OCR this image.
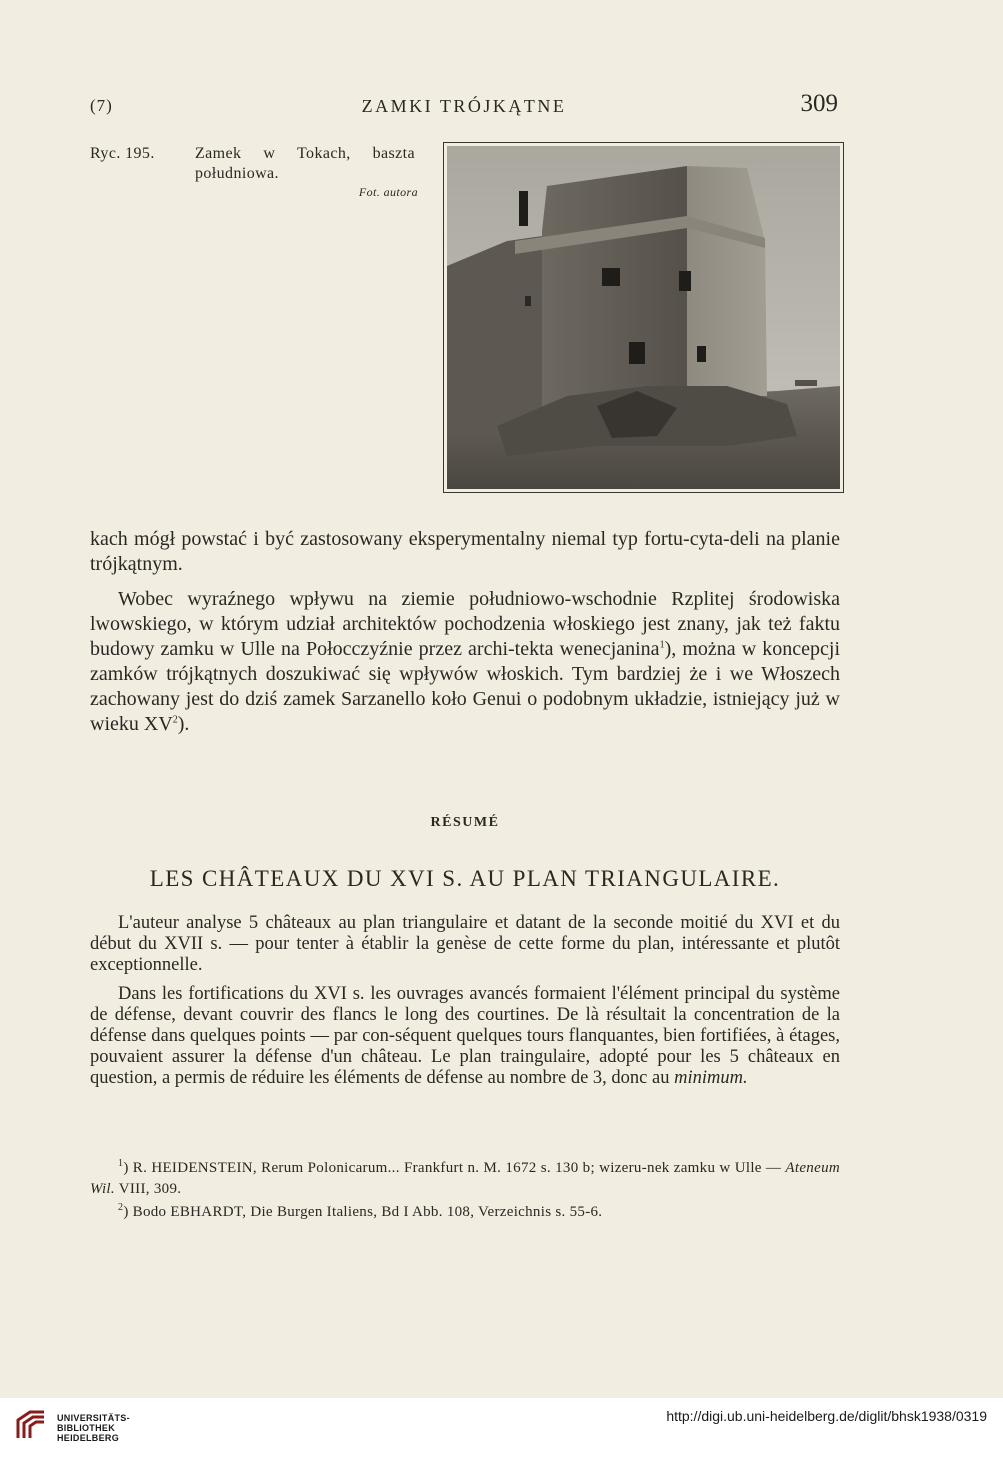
(7)	ZAMKI TRÓJKĄTNE	309
Ryc. 195.	Zamek w Tokach, baszta południowa.
Fot. autora
kach mógł powstać i być zastosowany eksperymentalny niemal typ fortu-cyta-deli na planie trójkątnym.
Wobec wyraźnego wpływu na ziemie południowo-wschodnie Rzplitej środowiska lwowskiego, w którym udział architektów pochodzenia włoskiego jest znany, jak też faktu budowy zamku w Ulle na Połocczyźnie przez archi-tekta wenecjanina$^1$), można w koncepcji zamków trójkątnych doszukiwać się wpływów włoskich. Tym bardziej że i we Włoszech zachowany jest do dziś zamek Sarzanello koło Genui o podobnym układzie, istniejący już w wieku $XV^2$).
RÉSUMÉ
LES CHÂTEAUX DU XVI S. AU PLAN TRIANGULAIRE.
L'auteur analyse 5 châteaux au plan triangulaire et datant de la seconde moitié du XVI et du début du XVII s. — pour tenter à établir la genèse de cette forme du plan, intéressante et plutôt exceptionnelle.
Dans les fortifications du XVI s. les ouvrages avancés formaient l'élément principal du système de défense, devant couvrir des flancs le long des courtines. De là résultait la concentration de la défense dans quelques points — par con-séquent quelques tours flanquantes, bien fortifiées, à étages, pouvaient assurer la défense d'un château. Le plan traingulaire, adopté pour les 5 châteaux en question, a permis de réduire les éléments de défense au nombre de 3, donc au minimum.

$^1$) R. HEIDENSTEIN, Rerum Polonicarum... Frankfurt n. M. 1672 s. 130 b; wizeru-nek zamku w Ulle — Ateneum Wil. VIII, 309.

$^2$) Bodo EBHARDT, Die Burgen Italiens, Bd I Abb. 108, Verzeichnis s. 55-6.

UNIVERSITÄTS-
BIBLIOTHEK
HEIDELBERG
http://digi.ub.uni-heidelberg.de/diglit/bhsk1938/0319
